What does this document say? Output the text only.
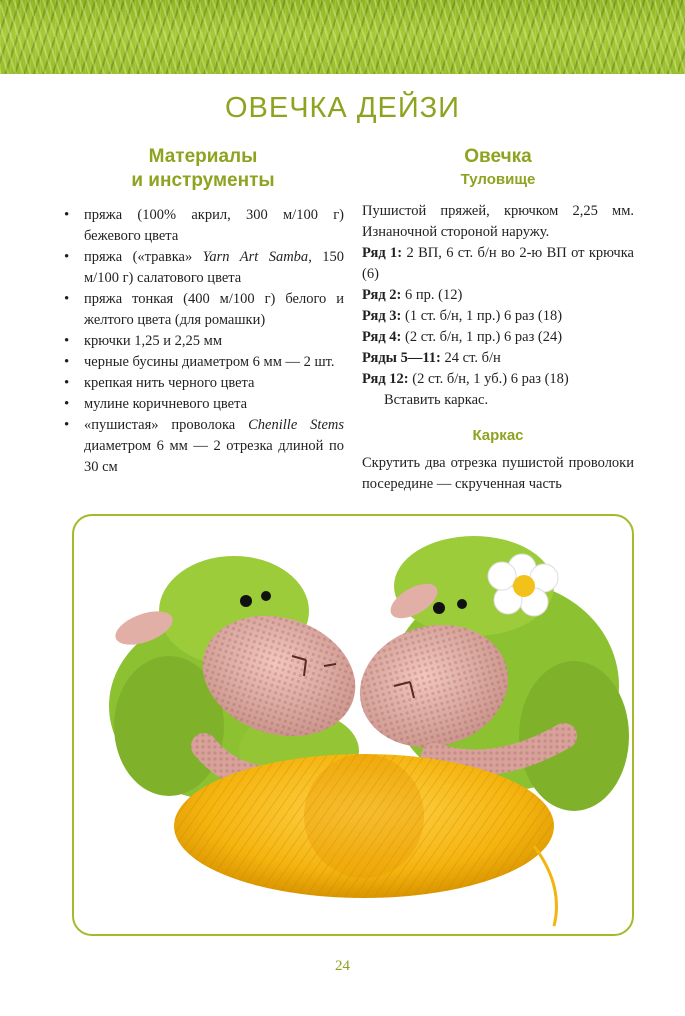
ОВЕЧКА ДЕЙЗИ
Материалы
и инструменты
• пряжа (100% акрил, 300 м/100 г) бежевого цвета
• пряжа («травка» Yarn Art Samba, 150 м/100 г) салатового цвета
• пряжа тонкая (400 м/100 г) белого и желтого цвета (для ромашки)
• крючки 1,25 и 2,25 мм
• черные бусины диаметром 6 мм — 2 шт.
• крепкая нить черного цвета
• мулине коричневого цвета
• «пушистая» проволока Chenille Stems диаметром 6 мм — 2 отрезка длиной по 30 см
Овечка
Туловище

Пушистой пряжей, крючком 2,25 мм. Изнаночной стороной наружу.

Ряд 1: 2 ВП, 6 ст. б/н во 2-ю ВП от крючка (6)

Ряд 2: 6 пр. (12)

Ряд 3: (1 ст. б/н, 1 пр.) 6 раз (18)

Ряд 4: (2 ст. б/н, 1 пр.) 6 раз (24)

Ряды 5—11: 24 ст. б/н

Ряд 12: (2 ст. б/н, 1 уб.) 6 раз (18)

Вставить каркас.

Каркас

Скрутить два отрезка пушистой проволоки посередине — скрученная часть

24
